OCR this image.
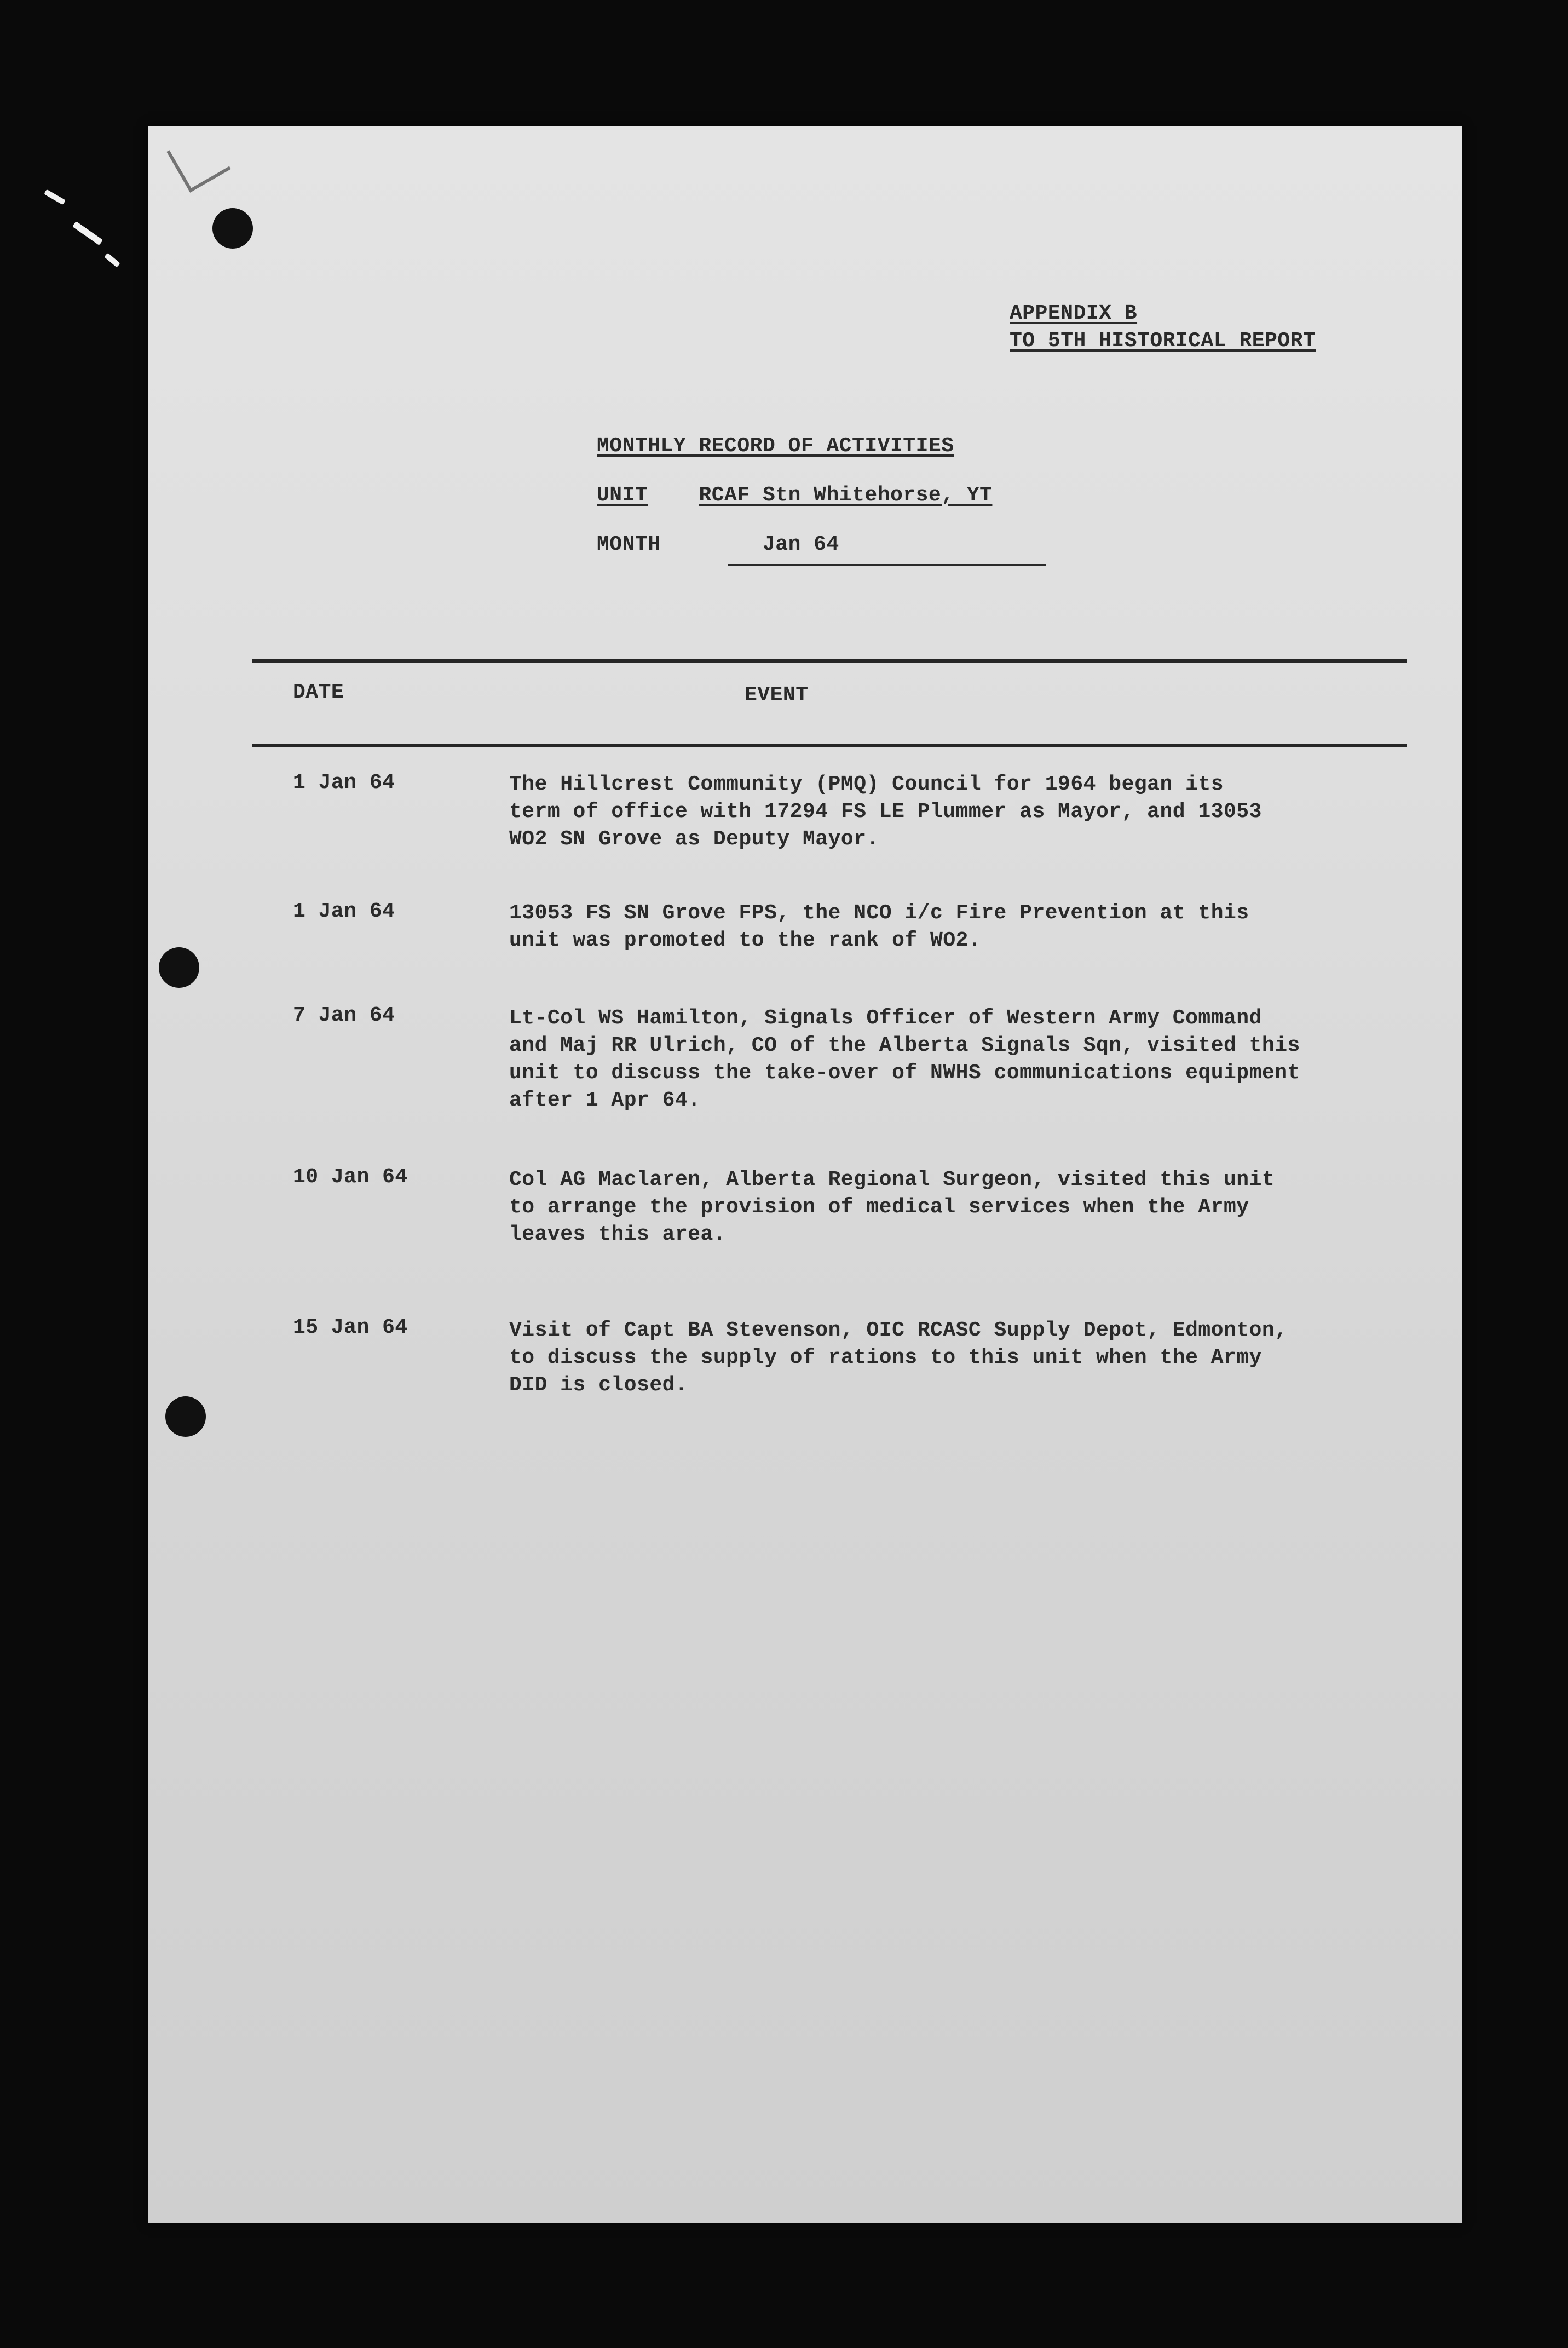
APPENDIX B
TO 5TH HISTORICAL REPORT
MONTHLY RECORD OF ACTIVITIES
UNIT RCAF Stn Whitehorse, YT
MONTH	Jan 64
DATE	EVENT
1 Jan 64	The Hillcrest Community (PMQ) Council for 1964 began its
term of office with 17294 FS LE Plummer as Mayor, and 13053
WO2 SN Grove as Deputy Mayor.
1 Jan 64	13053 FS SN Grove FPS, the NCO i/c Fire Prevention at this
unit was promoted to the rank of WO2.
7 Jan 64	Lt-Col WS Hamilton, Signals Officer of Western Army Command
and Maj RR Ulrich, CO of the Alberta Signals Sqn, visited this
unit to discuss the take-over of NWHS communications equipment
after 1 Apr 64.
10 Jan 64	Col AG Maclaren, Alberta Regional Surgeon, visited this unit
to arrange the provision of medical services when the Army
leaves this area.
15 Jan 64	Visit of Capt BA Stevenson, OIC RCASC Supply Depot, Edmonton,
to discuss the supply of rations to this unit when the Army
DID is closed.
